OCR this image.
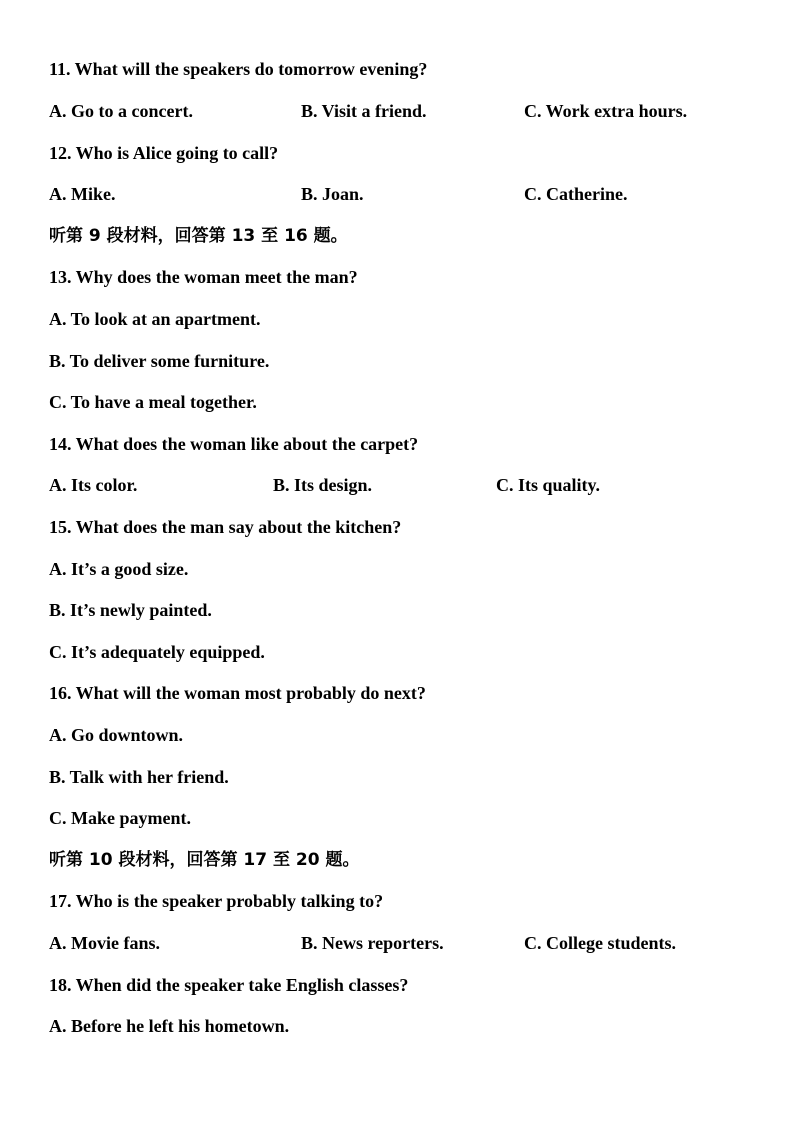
11. What will the speakers do tomorrow evening?
A. Go to a concert.	B. Visit a friend.	C. Work extra hours.
12. Who is Alice going to call?
A. Mike.	B. Joan.	C. Catherine.
听第 9 段材料，回答第 13 至 16 题。
13. Why does the woman meet the man?
A. To look at an apartment.
B. To deliver some furniture.
C. To have a meal together.
14. What does the woman like about the carpet?
A. Its color.	B. Its design.	C. Its quality.
15. What does the man say about the kitchen?
A. It’s a good size.
B. It’s newly painted.
C. It’s adequately equipped.
16. What will the woman most probably do next?
A. Go downtown.
B. Talk with her friend.
C. Make payment.
听第 10 段材料，回答第 17 至 20 题。
17. Who is the speaker probably talking to?
A. Movie fans.	B. News reporters.	C. College students.
18. When did the speaker take English classes?
A. Before he left his hometown.
